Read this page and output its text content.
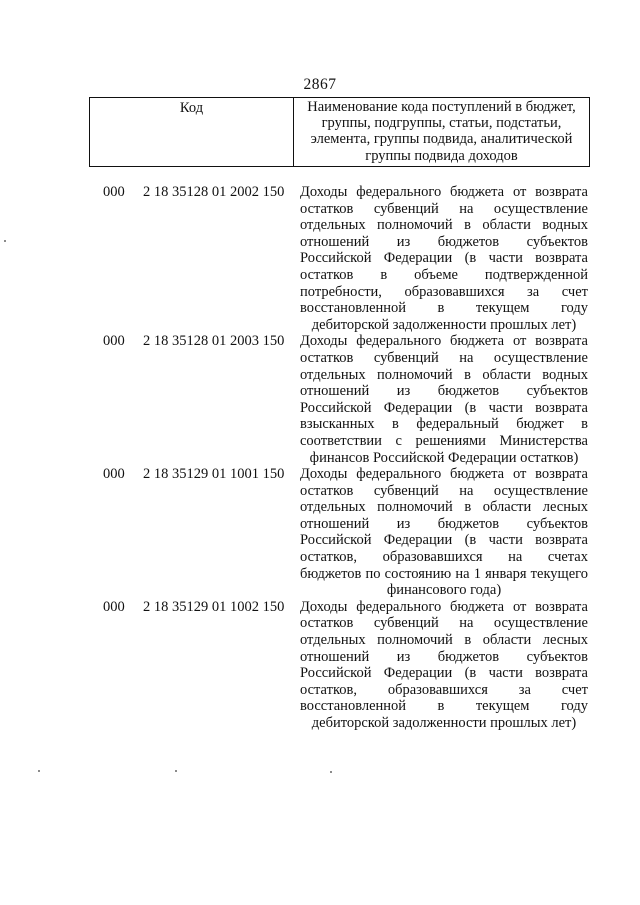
2867
Код	Наименование кода поступлений в бюджет,
группы, подгруппы, статьи, подстатьи,
элемента, группы подвида, аналитической
группы подвида доходов
000 2 18 35128 01 2002 150 Доходы федерального бюджета от возврата
остатков субвенций на осуществление
отдельных полномочий в области водных
отношений из бюджетов субъектов
Российской Федерации (в части возврата
остатков в объеме подтвержденной
потребности, образовавшихся за счет
восстановленной в текущем году
дебиторской задолженности прошлых лет)
000 2 18 35128 01 2003 150 Доходы федерального бюджета от возврата
остатков субвенций на осуществление
отдельных полномочий в области водных
отношений из бюджетов субъектов
Российской Федерации (в части возврата
взысканных в федеральный бюджет в
соответствии с решениями Министерства
финансов Российской Федерации остатков)
000 2 18 35129 01 1001 150 Доходы федерального бюджета от возврата
остатков субвенций на осуществление
отдельных полномочий в области лесных
отношений из бюджетов субъектов
Российской Федерации (в части возврата
остатков, образовавшихся на счетах
бюджетов по состоянию на 1 января текущего
финансового года)
000 2 18 35129 01 1002 150 Доходы федерального бюджета от возврата
остатков субвенций на осуществление
отдельных полномочий в области лесных
отношений из бюджетов субъектов
Российской Федерации (в части возврата
остатков, образовавшихся за счет
восстановленной в текущем году
дебиторской задолженности прошлых лет)
